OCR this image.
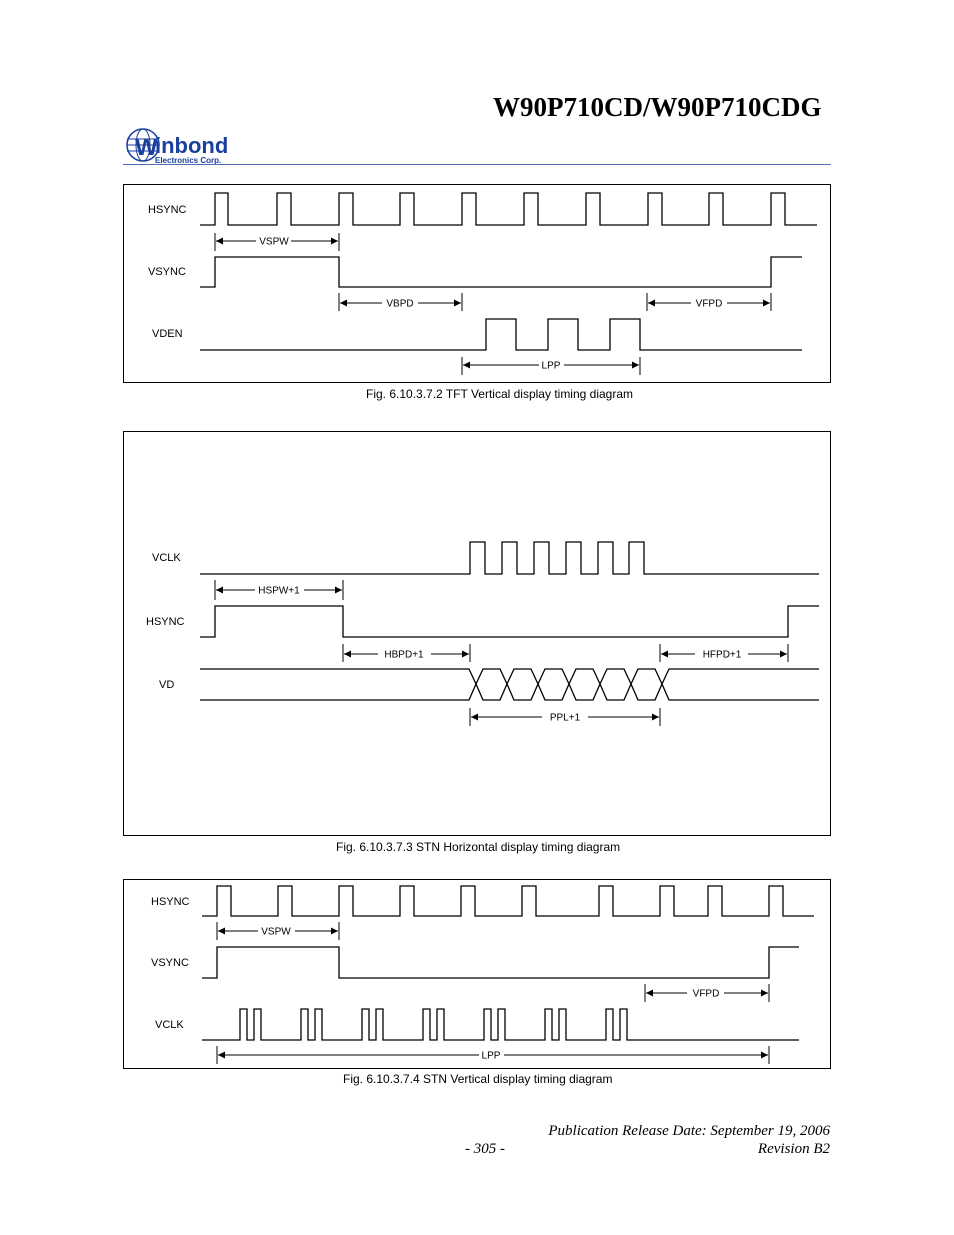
W90P710CD/W90P710CDG
W
inbond
Electronics Corp.
HSYNC
VSYNC
VDEN
VSPW
VBPD	VFPD
LPP
Fig. 6.10.3.7.2 TFT Vertical display timing diagram
VCLK
HSYNC
VD
HSPW+1
HBPD+1	HFPD+1
PPL+1
Fig. 6.10.3.7.3 STN Horizontal display timing diagram
HSYNC
VSYNC
VCLK
VSPW
VFPD
LPP
Fig. 6.10.3.7.4 STN Vertical display timing diagram
Publication Release Date: September 19, 2006
- 305 -	Revision B2
